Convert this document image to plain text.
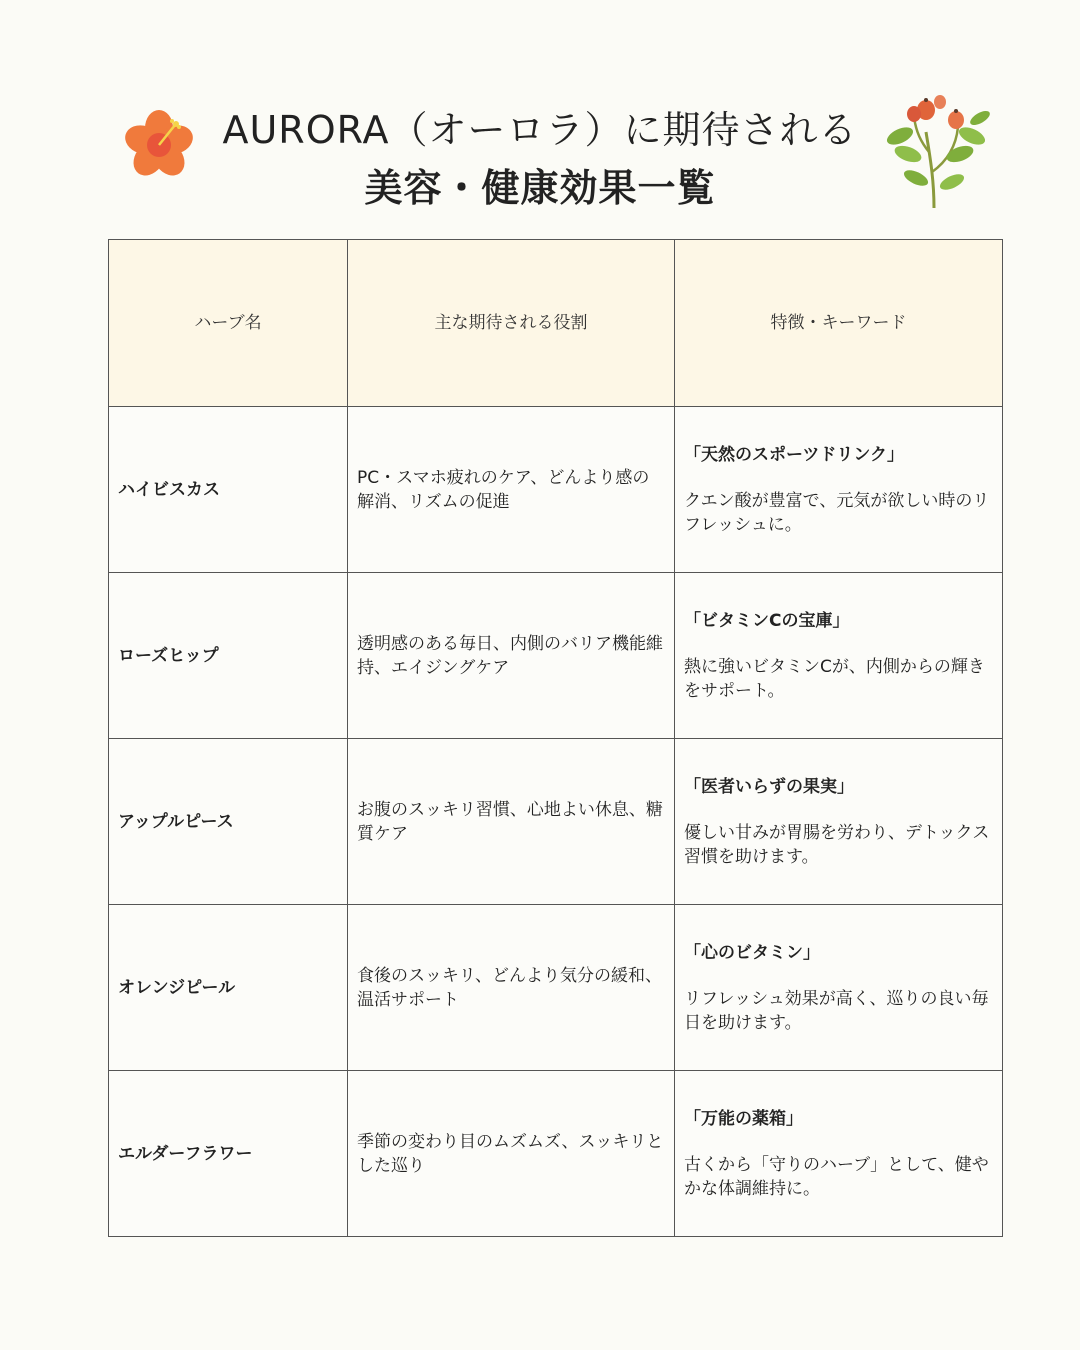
AURORA（オーロラ）に期待される
美容・健康効果一覧
ハーブ名	主な期待される役割	特徴・キーワード
ハイビスカス	PC・スマホ疲れのケア、どんより感の解消、リズムの促進	「天然のスポーツドリンク」
クエン酸が豊富で、元気が欲しい時のリフレッシュに。

ローズヒップ	透明感のある毎日、内側のバリア機能維持、エイジングケア	「ビタミンCの宝庫」
熱に強いビタミンCが、内側からの輝きをサポート。

アップルピース	お腹のスッキリ習慣、心地よい休息、糖質ケア	「医者いらずの果実」
優しい甘みが胃腸を労わり、デトックス習慣を助けます。

オレンジピール	食後のスッキリ、どんより気分の緩和、温活サポート	「心のビタミン」
リフレッシュ効果が高く、巡りの良い毎日を助けます。

エルダーフラワー	季節の変わり目のムズムズ、スッキリとした巡り	「万能の薬箱」
古くから「守りのハーブ」として、健やかな体調維持に。
